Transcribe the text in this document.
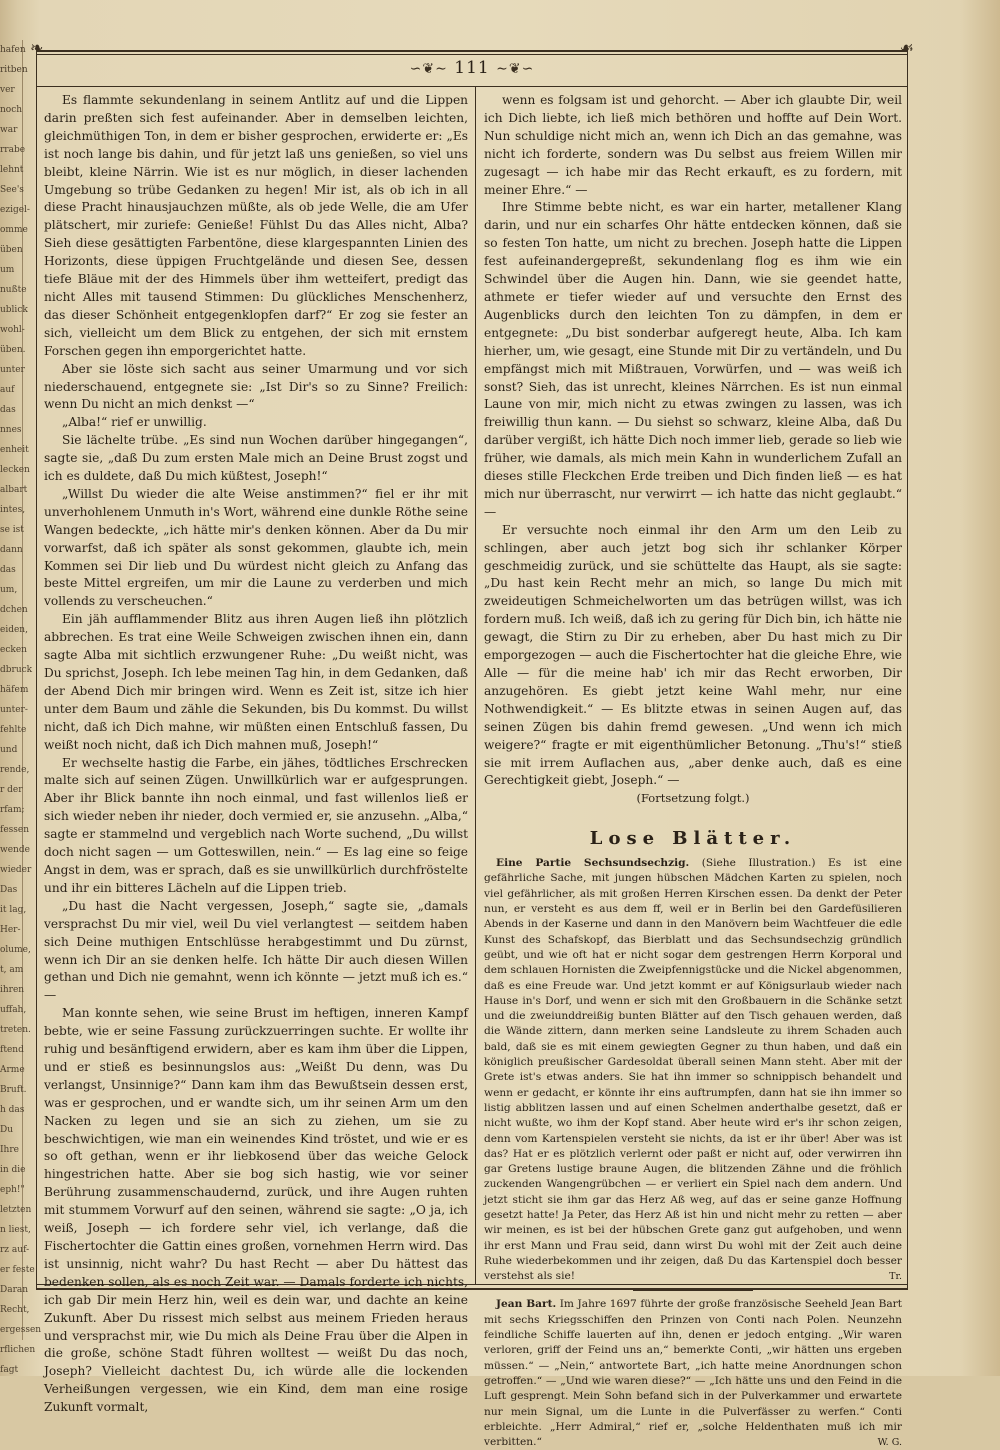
hafen
ritben
ver
noch
war
rrabe
lehnt
See's
ezigel-
omme
üben
um
nußte
ublick
wohl-
üben.
unter
auf
das
nnes
enheit
lecken
albart
intes,
se ist
dann
das
um,
dchen
eiden,
ecken
dbruck
häfem
unter-
fehlte
und
rende,
r der
rfam;
fessen
wende
wieder
Das
it lag,
Her-
olume,
t, am
ihren
uffah,
treten.
ftend
Arme
Bruft.
h das
Du
Ihre
in die
eph!"
letzten
n liest,
rz auf-
er feste
Daran
Recht,
ergessen
rflichen
fagt
❧	☙
∽❦∼ 111 ∼❦∽

Es flammte sekundenlang in seinem Antlitz auf und die Lippen darin preßten sich fest aufeinander. Aber in demselben leichten, gleichmüthigen Ton, in dem er bisher gesprochen, erwiderte er: „Es ist noch lange bis dahin, und für jetzt laß uns genießen, so viel uns bleibt, kleine Närrin. Wie ist es nur möglich, in dieser lachenden Umgebung so trübe Gedanken zu hegen! Mir ist, als ob ich in all diese Pracht hinausjauchzen müßte, als ob jede Welle, die am Ufer plätschert, mir zuriefe: Genieße! Fühlst Du das Alles nicht, Alba? Sieh diese gesättigten Farbentöne, diese klargespannten Linien des Horizonts, diese üppigen Fruchtgelände und diesen See, dessen tiefe Bläue mit der des Himmels über ihm wetteifert, predigt das nicht Alles mit tausend Stimmen: Du glückliches Menschenherz, das dieser Schönheit entgegenklopfen darf?“ Er zog sie fester an sich, vielleicht um dem Blick zu entgehen, der sich mit ernstem Forschen gegen ihn emporgerichtet hatte.

Aber sie löste sich sacht aus seiner Umarmung und vor sich niederschauend, entgegnete sie: „Ist Dir's so zu Sinne? Freilich: wenn Du nicht an mich denkst —“

„Alba!“ rief er unwillig.

Sie lächelte trübe. „Es sind nun Wochen darüber hingegangen“, sagte sie, „daß Du zum ersten Male mich an Deine Brust zogst und ich es duldete, daß Du mich küßtest, Joseph!“

„Willst Du wieder die alte Weise anstimmen?“ fiel er ihr mit unverhohlenem Unmuth in's Wort, während eine dunkle Röthe seine Wangen bedeckte, „ich hätte mir's denken können. Aber da Du mir vorwarfst, daß ich später als sonst gekommen, glaubte ich, mein Kommen sei Dir lieb und Du würdest nicht gleich zu Anfang das beste Mittel ergreifen, um mir die Laune zu verderben und mich vollends zu verscheuchen.“

Ein jäh aufflammender Blitz aus ihren Augen ließ ihn plötzlich abbrechen. Es trat eine Weile Schweigen zwischen ihnen ein, dann sagte Alba mit sichtlich erzwungener Ruhe: „Du weißt nicht, was Du sprichst, Joseph. Ich lebe meinen Tag hin, in dem Gedanken, daß der Abend Dich mir bringen wird. Wenn es Zeit ist, sitze ich hier unter dem Baum und zähle die Sekunden, bis Du kommst. Du willst nicht, daß ich Dich mahne, wir müßten einen Entschluß fassen, Du weißt noch nicht, daß ich Dich mahnen muß, Joseph!“

Er wechselte hastig die Farbe, ein jähes, tödtliches Erschrecken malte sich auf seinen Zügen. Unwillkürlich war er aufgesprungen. Aber ihr Blick bannte ihn noch einmal, und fast willenlos ließ er sich wieder neben ihr nieder, doch vermied er, sie anzusehn. „Alba,“ sagte er stammelnd und vergeblich nach Worte suchend, „Du willst doch nicht sagen — um Gotteswillen, nein.“ — Es lag eine so feige Angst in dem, was er sprach, daß es sie unwillkürlich durchfröstelte und ihr ein bitteres Lächeln auf die Lippen trieb.

„Du hast die Nacht vergessen, Joseph,“ sagte sie, „damals versprachst Du mir viel, weil Du viel verlangtest — seitdem haben sich Deine muthigen Entschlüsse herabgestimmt und Du zürnst, wenn ich Dir an sie denken helfe. Ich hätte Dir auch diesen Willen gethan und Dich nie gemahnt, wenn ich könnte — jetzt muß ich es.“ —

Man konnte sehen, wie seine Brust im heftigen, inneren Kampf bebte, wie er seine Fassung zurückzuerringen suchte. Er wollte ihr ruhig und besänftigend erwidern, aber es kam ihm über die Lippen, und er stieß es besinnungslos aus: „Weißt Du denn, was Du verlangst, Unsinnige?“ Dann kam ihm das Bewußtsein dessen erst, was er gesprochen, und er wandte sich, um ihr seinen Arm um den Nacken zu legen und sie an sich zu ziehen, um sie zu beschwichtigen, wie man ein weinendes Kind tröstet, und wie er es so oft gethan, wenn er ihr liebkosend über das weiche Gelock hingestrichen hatte. Aber sie bog sich hastig, wie vor seiner Berührung zusammenschaudernd, zurück, und ihre Augen ruhten mit stummem Vorwurf auf den seinen, während sie sagte: „O ja, ich weiß, Joseph — ich fordere sehr viel, ich verlange, daß die Fischertochter die Gattin eines großen, vornehmen Herrn wird. Das ist unsinnig, nicht wahr? Du hast Recht — aber Du hättest das bedenken sollen, als es noch Zeit war. — Damals forderte ich nichts, ich gab Dir mein Herz hin, weil es dein war, und dachte an keine Zukunft. Aber Du rissest mich selbst aus meinem Frieden heraus und versprachst mir, wie Du mich als Deine Frau über die Alpen in die große, schöne Stadt führen wolltest — weißt Du das noch, Joseph? Vielleicht dachtest Du, ich würde alle die lockenden Verheißungen vergessen, wie ein Kind, dem man eine rosige Zukunft vormalt,

wenn es folgsam ist und gehorcht. — Aber ich glaubte Dir, weil ich Dich liebte, ich ließ mich bethören und hoffte auf Dein Wort. Nun schuldige nicht mich an, wenn ich Dich an das gemahne, was nicht ich forderte, sondern was Du selbst aus freiem Willen mir zugesagt — ich habe mir das Recht erkauft, es zu fordern, mit meiner Ehre.“ —

Ihre Stimme bebte nicht, es war ein harter, metallener Klang darin, und nur ein scharfes Ohr hätte entdecken können, daß sie so festen Ton hatte, um nicht zu brechen. Joseph hatte die Lippen fest aufeinandergepreßt, sekundenlang flog es ihm wie ein Schwindel über die Augen hin. Dann, wie sie geendet hatte, athmete er tiefer wieder auf und versuchte den Ernst des Augenblicks durch den leichten Ton zu dämpfen, in dem er entgegnete: „Du bist sonderbar aufgeregt heute, Alba. Ich kam hierher, um, wie gesagt, eine Stunde mit Dir zu vertändeln, und Du empfängst mich mit Mißtrauen, Vorwürfen, und — was weiß ich sonst? Sieh, das ist unrecht, kleines Närrchen. Es ist nun einmal Laune von mir, mich nicht zu etwas zwingen zu lassen, was ich freiwillig thun kann. — Du siehst so schwarz, kleine Alba, daß Du darüber vergißt, ich hätte Dich noch immer lieb, gerade so lieb wie früher, wie damals, als mich mein Kahn in wunderlichem Zufall an dieses stille Fleckchen Erde treiben und Dich finden ließ — es hat mich nur überrascht, nur verwirrt — ich hatte das nicht geglaubt.“ —

Er versuchte noch einmal ihr den Arm um den Leib zu schlingen, aber auch jetzt bog sich ihr schlanker Körper geschmeidig zurück, und sie schüttelte das Haupt, als sie sagte: „Du hast kein Recht mehr an mich, so lange Du mich mit zweideutigen Schmeichelworten um das betrügen willst, was ich fordern muß. Ich weiß, daß ich zu gering für Dich bin, ich hätte nie gewagt, die Stirn zu Dir zu erheben, aber Du hast mich zu Dir emporgezogen — auch die Fischertochter hat die gleiche Ehre, wie Alle — für die meine hab' ich mir das Recht erworben, Dir anzugehören. Es giebt jetzt keine Wahl mehr, nur eine Nothwendigkeit.“ — Es blitzte etwas in seinen Augen auf, das seinen Zügen bis dahin fremd gewesen. „Und wenn ich mich weigere?“ fragte er mit eigenthümlicher Betonung. „Thu's!“ stieß sie mit irrem Auflachen aus, „aber denke auch, daß es eine Gerechtigkeit giebt, Joseph.“ —

(Fortsetzung folgt.)

Lose Blätter.

Eine Partie Sechsundsechzig. (Siehe Illustration.) Es ist eine gefährliche Sache, mit jungen hübschen Mädchen Karten zu spielen, noch viel gefährlicher, als mit großen Herren Kirschen essen. Da denkt der Peter nun, er versteht es aus dem ff, weil er in Berlin bei den Gardefüsilieren Abends in der Kaserne und dann in den Manövern beim Wachtfeuer die edle Kunst des Schafskopf, das Bierblatt und das Sechsundsechzig gründlich geübt, und wie oft hat er nicht sogar dem gestrengen Herrn Korporal und dem schlauen Hornisten die Zweipfennigstücke und die Nickel abgenommen, daß es eine Freude war. Und jetzt kommt er auf Königsurlaub wieder nach Hause in's Dorf, und wenn er sich mit den Großbauern in die Schänke setzt und die zweiunddreißig bunten Blätter auf den Tisch gehauen werden, daß die Wände zittern, dann merken seine Landsleute zu ihrem Schaden auch bald, daß sie es mit einem gewiegten Gegner zu thun haben, und daß ein königlich preußischer Gardesoldat überall seinen Mann steht. Aber mit der Grete ist's etwas anders. Sie hat ihn immer so schnippisch behandelt und wenn er gedacht, er könnte ihr eins auftrumpfen, dann hat sie ihn immer so listig abblitzen lassen und auf einen Schelmen anderthalbe gesetzt, daß er nicht wußte, wo ihm der Kopf stand. Aber heute wird er's ihr schon zeigen, denn vom Kartenspielen versteht sie nichts, da ist er ihr über! Aber was ist das? Hat er es plötzlich verlernt oder paßt er nicht auf, oder verwirren ihn gar Gretens lustige braune Augen, die blitzenden Zähne und die fröhlich zuckenden Wangengrübchen — er verliert ein Spiel nach dem andern. Und jetzt sticht sie ihm gar das Herz Aß weg, auf das er seine ganze Hoffnung gesetzt hatte! Ja Peter, das Herz Aß ist hin und nicht mehr zu retten — aber wir meinen, es ist bei der hübschen Grete ganz gut aufgehoben, und wenn ihr erst Mann und Frau seid, dann wirst Du wohl mit der Zeit auch deine Ruhe wiederbekommen und ihr zeigen, daß Du das Kartenspiel doch besser verstehst als sie!	Tr.

Jean Bart. Im Jahre 1697 führte der große französische Seeheld Jean Bart mit sechs Kriegsschiffen den Prinzen von Conti nach Polen. Neunzehn feindliche Schiffe lauerten auf ihn, denen er jedoch entging. „Wir waren verloren, griff der Feind uns an,“ bemerkte Conti, „wir hätten uns ergeben müssen.“ — „Nein,“ antwortete Bart, „ich hatte meine Anordnungen schon getroffen.“ — „Und wie waren diese?“ — „Ich hätte uns und den Feind in die Luft gesprengt. Mein Sohn befand sich in der Pulverkammer und erwartete nur mein Signal, um die Lunte in die Pulverfässer zu werfen.“ Conti erbleichte. „Herr Admiral,“ rief er, „solche Heldenthaten muß ich mir verbitten.“	W. G.
